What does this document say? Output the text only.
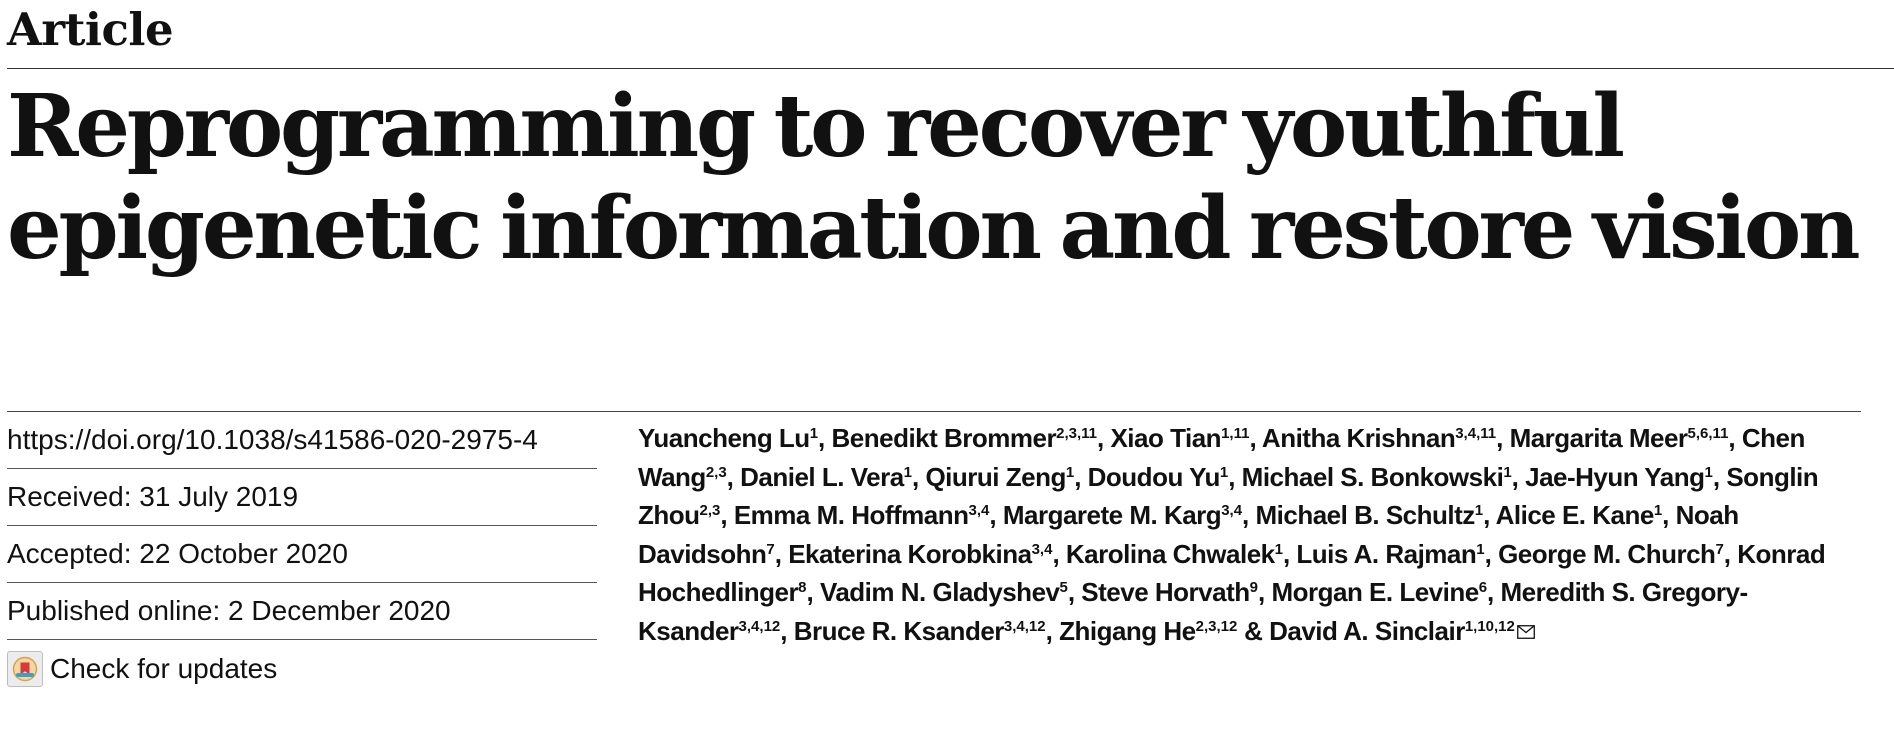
Article
Reprogramming to recover youthful
epigenetic information and restore vision
https://doi.org/10.1038/s41586-020-2975-4
Received: 31 July 2019
Accepted: 22 October 2020
Published online: 2 December 2020
Check for updates

Yuancheng Lu$^1$, Benedikt Brommer$^{2,3,11}$, Xiao Tian$^{1,11}$, Anitha Krishnan$^{3,4,11}$, Margarita Meer$^{5,6,11}$, Chen Wang$^{2,3}$, Daniel L. Vera$^1$, Qiurui Zeng$^1$, Doudou Yu$^1$, Michael S. Bonkowski$^1$, Jae-Hyun Yang$^1$, Songlin Zhou$^{2,3}$, Emma M. Hoffmann$^{3,4}$, Margarete M. Karg$^{3,4}$, Michael B. Schultz$^1$, Alice E. Kane$^1$, Noah Davidsohn$^7$, Ekaterina Korobkina$^{3,4}$, Karolina Chwalek$^1$, Luis A. Rajman$^1$, George M. Church$^7$, Konrad Hochedlinger$^8$, Vadim N. Gladyshev$^5$, Steve Horvath$^9$, Morgan E. Levine$^6$, Meredith S. Gregory-Ksander$^{3,4,12}$, Bruce R. Ksander$^{3,4,12}$, Zhigang He$^{2,3,12}$ & David A. Sinclair$^{1,10,12}$
